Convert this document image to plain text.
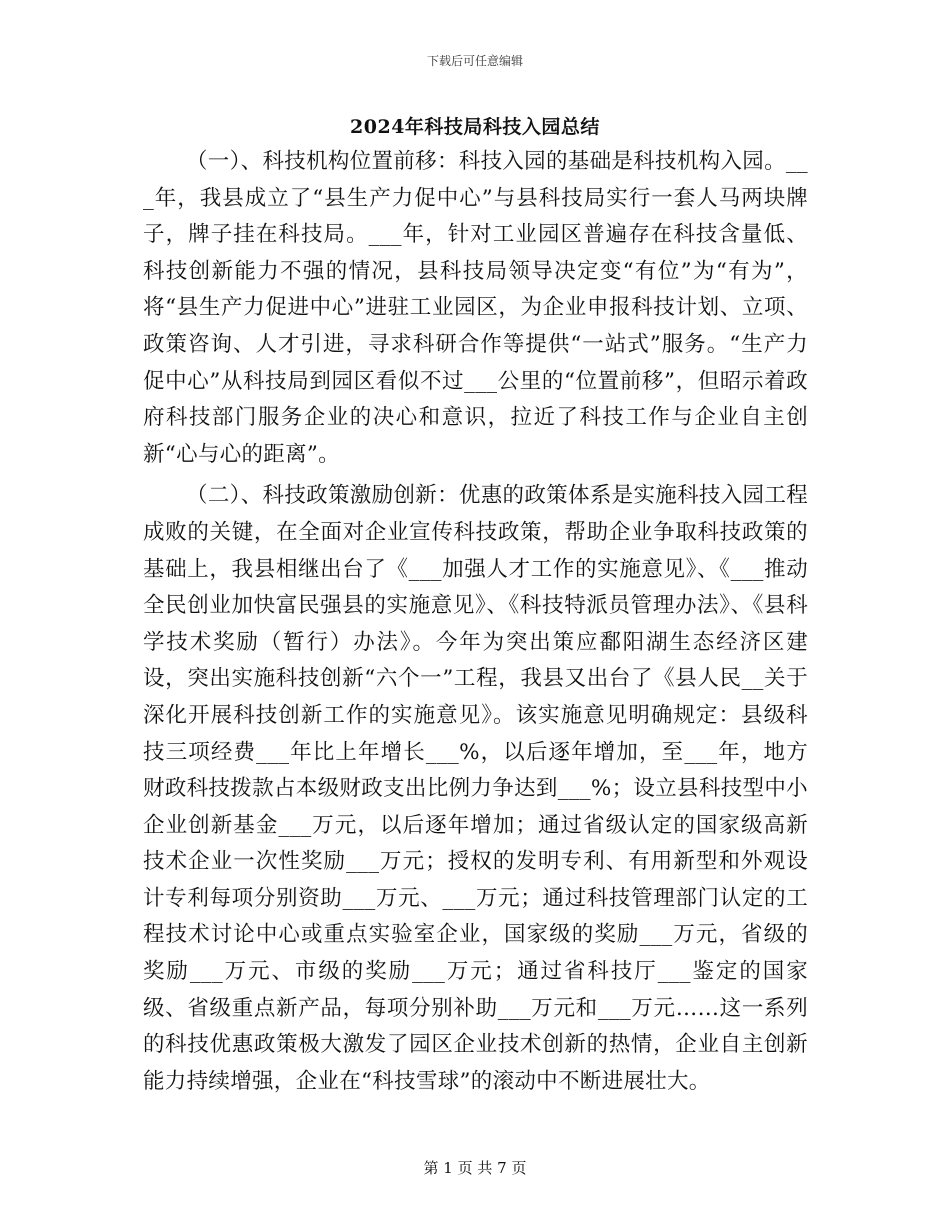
下载后可任意编辑
2024年科技局科技入园总结

（一）、科技机构位置前移：科技入园的基础是科技机构入园。___年，我县成立了“县生产力促中心”与县科技局实行一套人马两块牌子，牌子挂在科技局。___年，针对工业园区普遍存在科技含量低、科技创新能力不强的情况，县科技局领导决定变“有位”为“有为”，将“县生产力促进中心”进驻工业园区，为企业申报科技计划、立项、政策咨询、人才引进，寻求科研合作等提供“一站式”服务。“生产力促中心”从科技局到园区看似不过___公里的“位置前移”，但昭示着政府科技部门服务企业的决心和意识，拉近了科技工作与企业自主创新“心与心的距离”。

（二）、科技政策激励创新：优惠的政策体系是实施科技入园工程成败的关键，在全面对企业宣传科技政策，帮助企业争取科技政策的基础上，我县相继出台了《___加强人才工作的实施意见》、《___推动全民创业加快富民强县的实施意见》、《科技特派员管理办法》、《县科学技术奖励（暂行）办法》。今年为突出策应鄱阳湖生态经济区建设，突出实施科技创新“六个一”工程，我县又出台了《县人民__关于深化开展科技创新工作的实施意见》。该实施意见明确规定：县级科技三项经费___年比上年增长___%，以后逐年增加，至___年，地方财政科技拨款占本级财政支出比例力争达到___%；设立县科技型中小企业创新基金___万元，以后逐年增加；通过省级认定的国家级高新技术企业一次性奖励___万元；授权的发明专利、有用新型和外观设计专利每项分别资助___万元、___万元；通过科技管理部门认定的工程技术讨论中心或重点实验室企业，国家级的奖励___万元，省级的奖励___万元、市级的奖励___万元；通过省科技厅___鉴定的国家级、省级重点新产品，每项分别补助___万元和___万元……这一系列的科技优惠政策极大激发了园区企业技术创新的热情，企业自主创新能力持续增强，企业在“科技雪球”的滚动中不断进展壮大。

第 1 页 共 7 页
